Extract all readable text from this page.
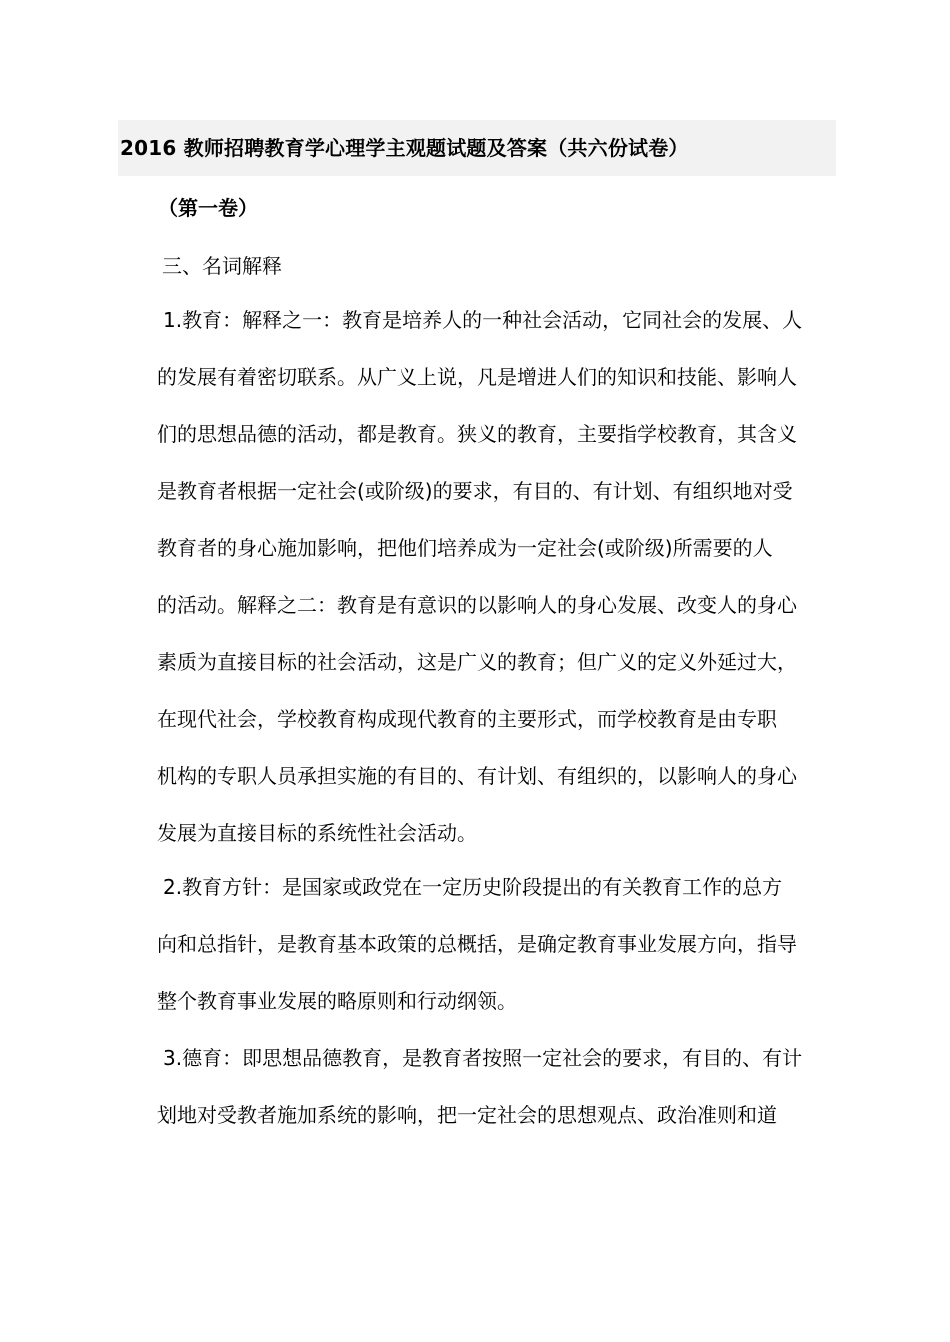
2016 教师招聘教育学心理学主观题试题及答案（共六份试卷）
（第一卷）
三、名词解释
1.教育：解释之一：教育是培养人的一种社会活动，它同社会的发展、人
的发展有着密切联系。从广义上说，凡是增进人们的知识和技能、影响人
们的思想品德的活动，都是教育。狭义的教育，主要指学校教育，其含义
是教育者根据一定社会(或阶级)的要求，有目的、有计划、有组织地对受
教育者的身心施加影响，把他们培养成为一定社会(或阶级)所需要的人
的活动。解释之二：教育是有意识的以影响人的身心发展、改变人的身心
素质为直接目标的社会活动，这是广义的教育；但广义的定义外延过大，
在现代社会，学校教育构成现代教育的主要形式，而学校教育是由专职
机构的专职人员承担实施的有目的、有计划、有组织的，以影响人的身心
发展为直接目标的系统性社会活动。
2.教育方针：是国家或政党在一定历史阶段提出的有关教育工作的总方
向和总指针，是教育基本政策的总概括，是确定教育事业发展方向，指导
整个教育事业发展的略原则和行动纲领。
3.德育：即思想品德教育，是教育者按照一定社会的要求，有目的、有计
划地对受教者施加系统的影响，把一定社会的思想观点、政治准则和道
